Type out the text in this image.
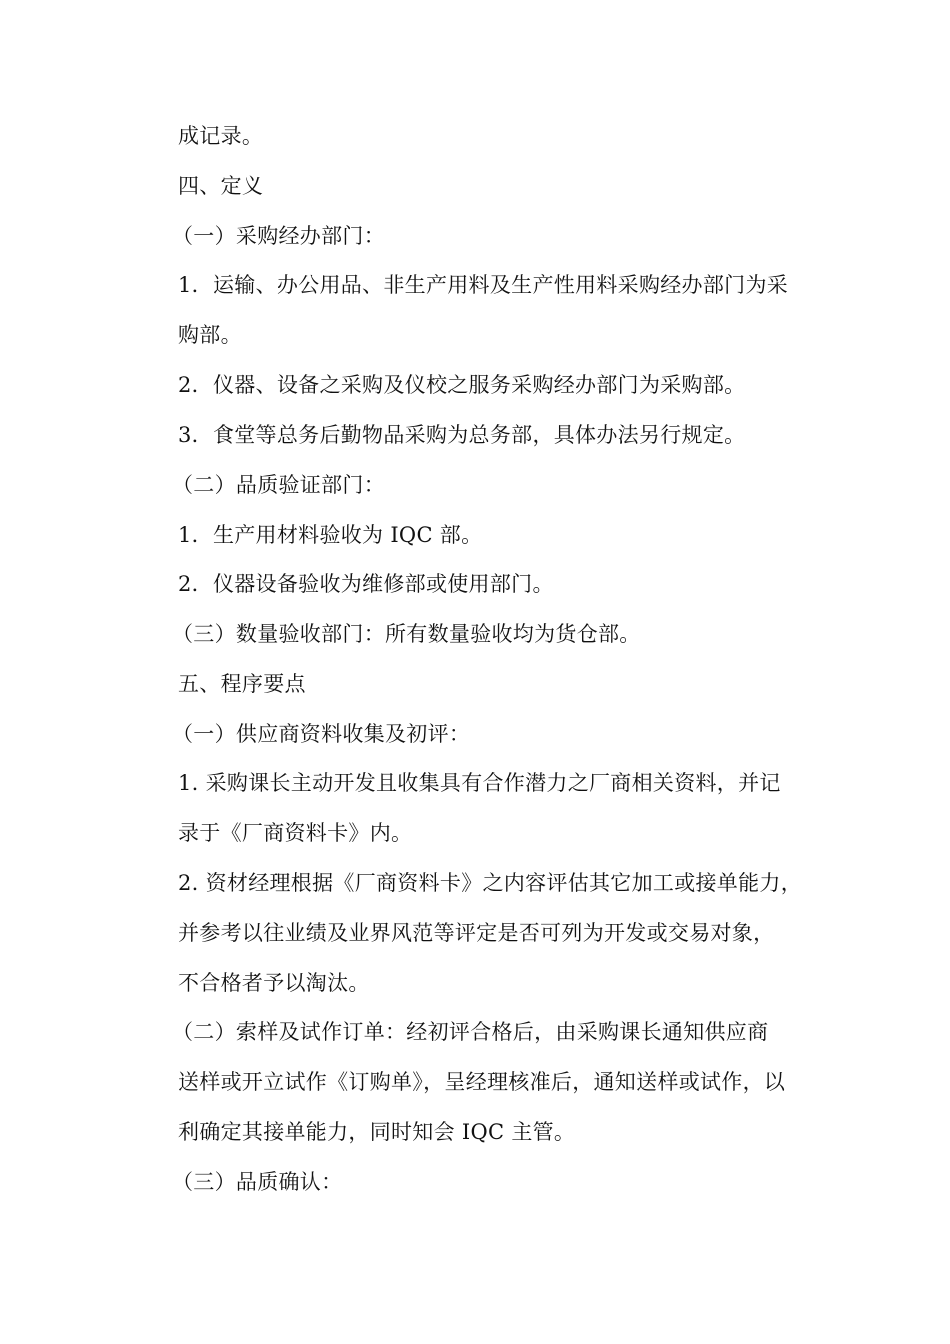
成记录。
四、定义
（一）采购经办部门：
1．运输、办公用品、非生产用料及生产性用料采购经办部门为采
购部。
2．仪器、设备之采购及仪校之服务采购经办部门为采购部。
3．食堂等总务后勤物品采购为总务部，具体办法另行规定。
（二）品质验证部门：
1．生产用材料验收为 IQC 部。
2．仪器设备验收为维修部或使用部门。
（三）数量验收部门：所有数量验收均为货仓部。
五、程序要点
（一）供应商资料收集及初评：
1. 采购课长主动开发且收集具有合作潜力之厂商相关资料，并记
录于《厂商资料卡》内。
2. 资材经理根据《厂商资料卡》之内容评估其它加工或接单能力，
并参考以往业绩及业界风范等评定是否可列为开发或交易对象，
不合格者予以淘汰。
（二）索样及试作订单：经初评合格后，由采购课长通知供应商
送样或开立试作《订购单》，呈经理核准后，通知送样或试作，以
利确定其接单能力，同时知会 IQC 主管。
（三）品质确认：
